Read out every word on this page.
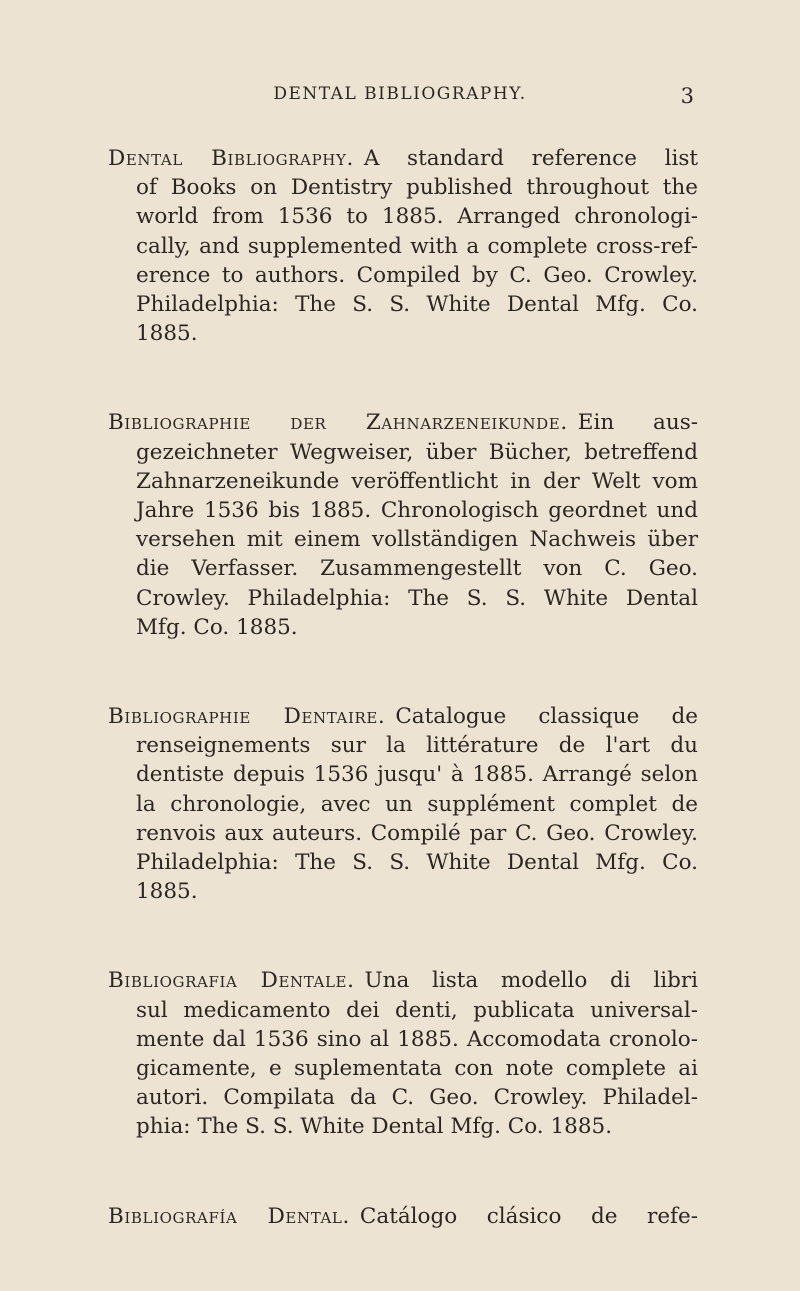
DENTAL BIBLIOGRAPHY.	3
Dental Bibliography. A standard reference list
of Books on Dentistry published throughout the
world from 1536 to 1885. Arranged chronologi-
cally, and supplemented with a complete cross-ref-
erence to authors. Compiled by C. Geo. Crowley.
Philadelphia: The S. S. White Dental Mfg. Co.
1885.
Bibliographie der Zahnarzeneikunde. Ein aus-
gezeichneter Wegweiser, über Bücher, betreffend
Zahnarzeneikunde veröffentlicht in der Welt vom
Jahre 1536 bis 1885. Chronologisch geordnet und
versehen mit einem vollständigen Nachweis über
die Verfasser. Zusammengestellt von C. Geo.
Crowley. Philadelphia: The S. S. White Dental
Mfg. Co. 1885.
Bibliographie Dentaire. Catalogue classique de
renseignements sur la littérature de l'art du
dentiste depuis 1536 jusqu' à 1885. Arrangé selon
la chronologie, avec un supplément complet de
renvois aux auteurs. Compilé par C. Geo. Crowley.
Philadelphia: The S. S. White Dental Mfg. Co.
1885.
Bibliografia Dentale. Una lista modello di libri
sul medicamento dei denti, publicata universal-
mente dal 1536 sino al 1885. Accomodata cronolo-
gicamente, e suplementata con note complete ai
autori. Compilata da C. Geo. Crowley. Philadel-
phia: The S. S. White Dental Mfg. Co. 1885.
Bibliografía Dental. Catálogo clásico de refe-
